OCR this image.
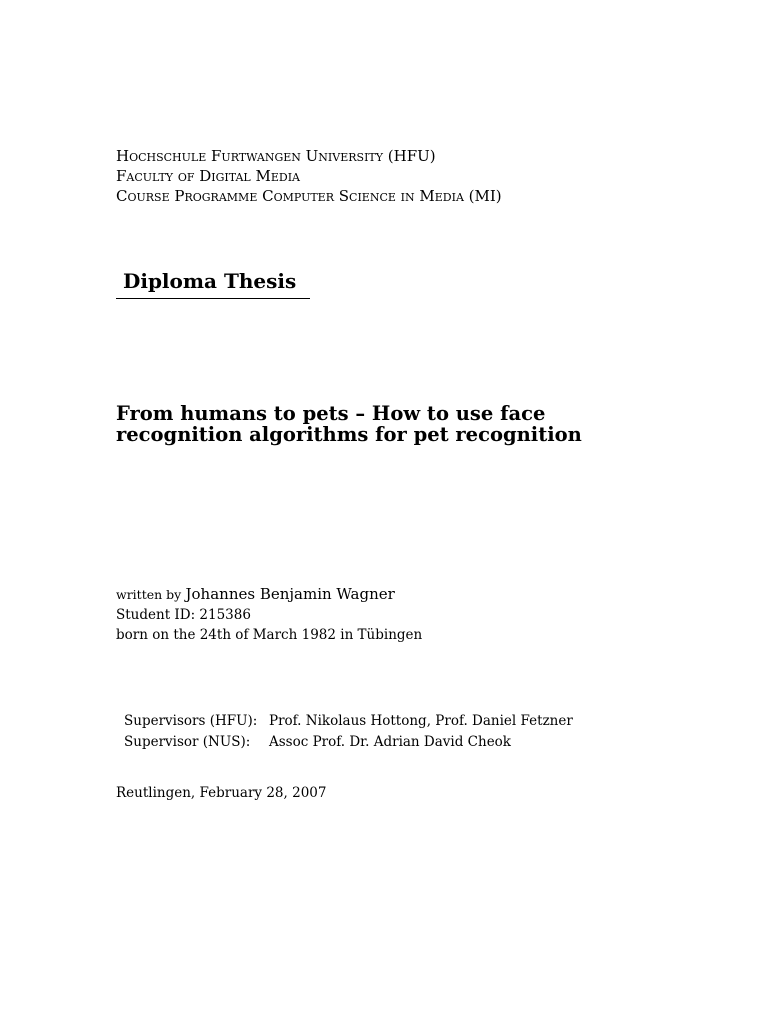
Hochschule Furtwangen University (HFU)
Faculty of Digital Media
Course Programme Computer Science in Media (MI)
Diploma Thesis
From humans to pets – How to use face
recognition algorithms for pet recognition
written by Johannes Benjamin Wagner
Student ID: 215386
born on the 24th of March 1982 in Tübingen
Supervisors (HFU): Prof. Nikolaus Hottong, Prof. Daniel Fetzner
Supervisor (NUS):	Assoc Prof. Dr. Adrian David Cheok
Reutlingen, February 28, 2007
